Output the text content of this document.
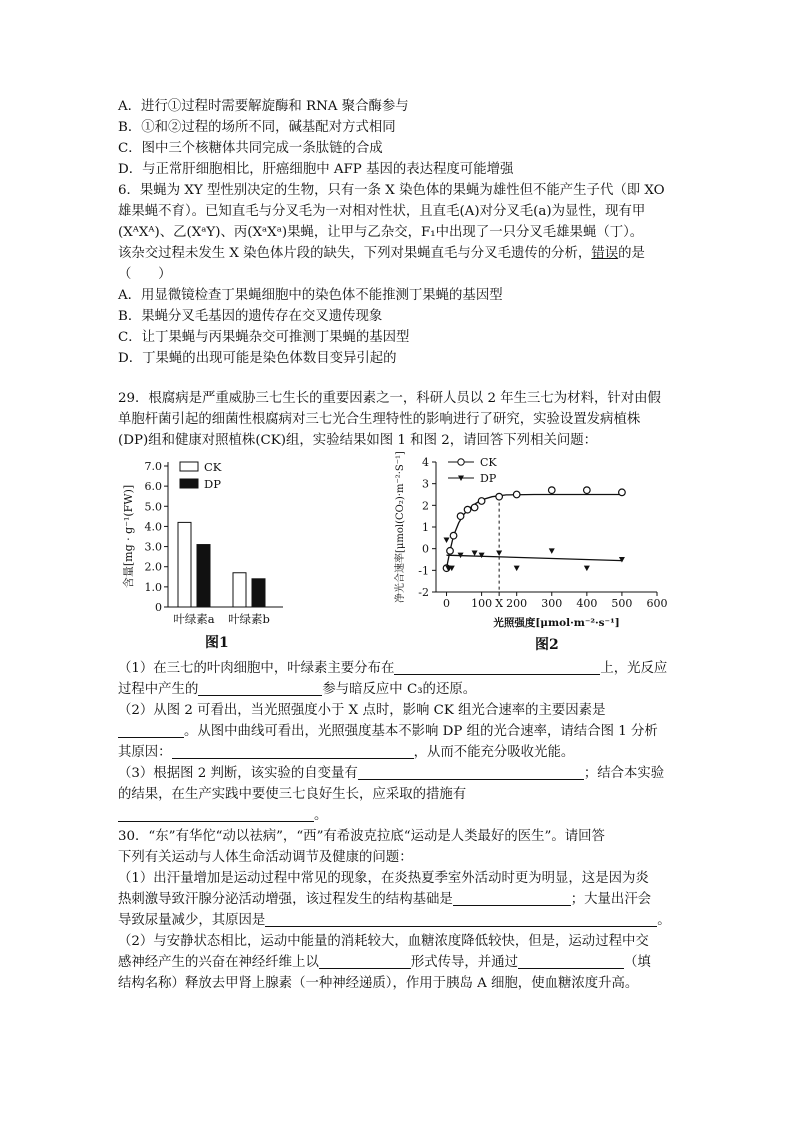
A．进行①过程时需要解旋酶和 RNA 聚合酶参与
B．①和②过程的场所不同，碱基配对方式相同
C．图中三个核糖体共同完成一条肽链的合成
D．与正常肝细胞相比，肝癌细胞中 AFP 基因的表达程度可能增强
6．果蝇为 XY 型性别决定的生物，只有一条 X 染色体的果蝇为雄性但不能产生子代（即 XO
雄果蝇不育）。已知直毛与分叉毛为一对相对性状，且直毛(A)对分叉毛(a)为显性，现有甲
(XᴬXᴬ)、乙(XᵃY)、丙(XᵃXᵃ)果蝇，让甲与乙杂交，F₁中出现了一只分叉毛雄果蝇（丁）。
该杂交过程未发生 X 染色体片段的缺失，下列对果蝇直毛与分叉毛遗传的分析，错误的是
（　　）
A．用显微镜检查丁果蝇细胞中的染色体不能推测丁果蝇的基因型
B．果蝇分叉毛基因的遗传存在交叉遗传现象
C．让丁果蝇与丙果蝇杂交可推测丁果蝇的基因型
D．丁果蝇的出现可能是染色体数目变异引起的
29．根腐病是严重威胁三七生长的重要因素之一，科研人员以 2 年生三七为材料，针对由假
单胞杆菌引起的细菌性根腐病对三七光合生理特性的影响进行了研究，实验设置发病植株
(DP)组和健康对照植株(CK)组，实验结果如图 1 和图 2，请回答下列相关问题：
0
1.0
2.0
3.0
4.0
5.0
6.0
7.0
含量[mg · g⁻¹(FW)]
叶绿素a 叶绿素b
CK
DP
图1
-2
-1
0
1
2
3
4
0 100 X 200 300 400 500 600
光照强度[μmol·m⁻²·s⁻¹]
净光合速率[μmol(CO₂)·m⁻²·S⁻¹]	CK
DP
图2
（1）在三七的叶肉细胞中，叶绿素主要分布在	上，光反应
过程中产生的	参与暗反应中 C₃的还原。
（2）从图 2 可看出，当光照强度小于 X 点时，影响 CK 组光合速率的主要因素是
。从图中曲线可看出，光照强度基本不影响 DP 组的光合速率，请结合图 1 分析
其原因：	，从而不能充分吸收光能。
（3）根据图 2 判断，该实验的自变量有	；结合本实验
的结果，在生产实践中要使三七良好生长，应采取的措施有
。
30．“东”有华佗“动以祛病”，“西”有希波克拉底“运动是人类最好的医生”。请回答
下列有关运动与人体生命活动调节及健康的问题：
（1）出汗量增加是运动过程中常见的现象，在炎热夏季室外活动时更为明显，这是因为炎
热刺激导致汗腺分泌活动增强，该过程发生的结构基础是	；大量出汗会
导致尿量减少，其原因是	。
（2）与安静状态相比，运动中能量的消耗较大，血糖浓度降低较快，但是，运动过程中交
感神经产生的兴奋在神经纤维上以	形式传导，并通过	（填
结构名称）释放去甲肾上腺素（一种神经递质），作用于胰岛 A 细胞，使血糖浓度升高。
